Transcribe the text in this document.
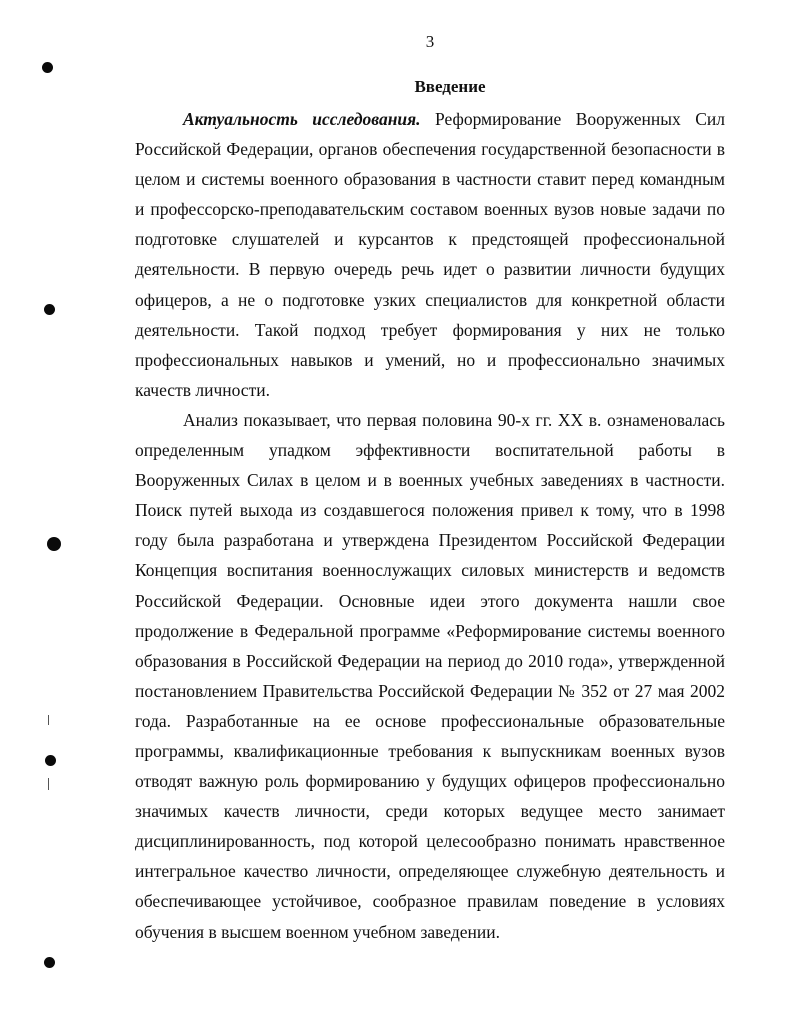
3
Введение

Актуальность исследования. Реформирование Вооруженных Сил Российской Федерации, органов обеспечения государственной безопасности в целом и системы военного образования в частности ставит перед командным и профессорско-преподавательским составом военных вузов новые задачи по подготовке слушателей и курсантов к предстоящей профессиональной деятельности. В первую очередь речь идет о развитии личности будущих офицеров, а не о подготовке узких специалистов для конкретной области деятельности. Такой подход требует формирования у них не только профессиональных навыков и умений, но и профессионально значимых качеств личности.

Анализ показывает, что первая половина 90-х гг. XX в. ознаменовалась определенным упадком эффективности воспитательной работы в Вооруженных Силах в целом и в военных учебных заведениях в частности. Поиск путей выхода из создавшегося положения привел к тому, что в 1998 году была разработана и утверждена Президентом Российской Федерации Концепция воспитания военнослужащих силовых министерств и ведомств Российской Федерации. Основные идеи этого документа нашли свое продолжение в Федеральной программе «Реформирование системы военного образования в Российской Федерации на период до 2010 года», утвержденной постановлением Правительства Российской Федерации № 352 от 27 мая 2002 года. Разработанные на ее основе профессиональные образовательные программы, квалификационные требования к выпускникам военных вузов отводят важную роль формированию у будущих офицеров профессионально значимых качеств личности, среди которых ведущее место занимает дисциплинированность, под которой целесообразно понимать нравственное интегральное качество личности, определяющее служебную деятельность и обеспечивающее устойчивое, сообразное правилам поведение в условиях обучения в высшем военном учебном заведении.
